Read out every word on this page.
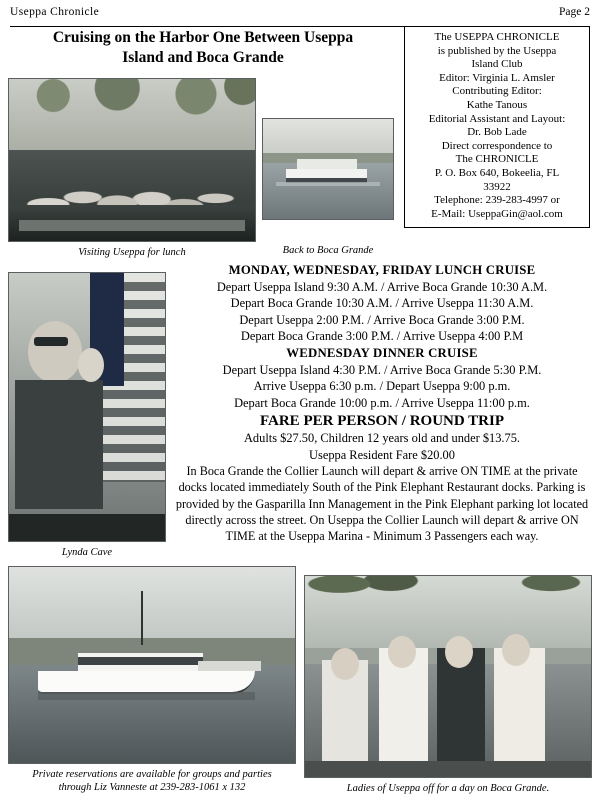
Useppa Chronicle	Page 2
Cruising on the Harbor One Between Useppa
Island and Boca Grande
The USEPPA CHRONICLE
is published by the Useppa
Island Club
Editor: Virginia L. Amsler
Contributing Editor:
Kathe Tanous
Editorial Assistant and Layout:
Dr. Bob Lade
Direct correspondence to
The CHRONICLE
P. O. Box 640, Bokeelia, FL
33922
Telephone: 239-283-4997 or
E-Mail: UseppaGin@aol.com
Visiting Useppa for lunch	Back to Boca Grande
Lynda Cave
Private reservations are available for groups and parties
through Liz Vanneste at 239-283-1061 x 132	Ladies of Useppa off for a day on Boca Grande.
MONDAY, WEDNESDAY, FRIDAY LUNCH CRUISE
Depart Useppa Island 9:30 A.M. / Arrive Boca Grande 10:30 A.M.
Depart Boca Grande 10:30 A.M. / Arrive Useppa 11:30 A.M.
Depart Useppa 2:00 P.M. / Arrive Boca Grande 3:00 P.M.
Depart Boca Grande 3:00 P.M. / Arrive Useppa 4:00 P.M
WEDNESDAY DINNER CRUISE
Depart Useppa Island 4:30 P.M. / Arrive Boca Grande 5:30 P.M.
Arrive Useppa 6:30 p.m. / Depart Useppa 9:00 p.m.
Depart Boca Grande 10:00 p.m. / Arrive Useppa 11:00 p.m.
FARE PER PERSON / ROUND TRIP
Adults $27.50, Children 12 years old and under $13.75.
Useppa Resident Fare $20.00
In Boca Grande the Collier Launch will depart & arrive ON TIME at the private docks located immediately South of the Pink Elephant Restaurant docks. Parking is provided by the Gasparilla Inn Management in the Pink Elephant parking lot located directly across the street. On Useppa the Collier Launch will depart & arrive ON TIME at the Useppa Marina - Minimum 3 Passengers each way.
